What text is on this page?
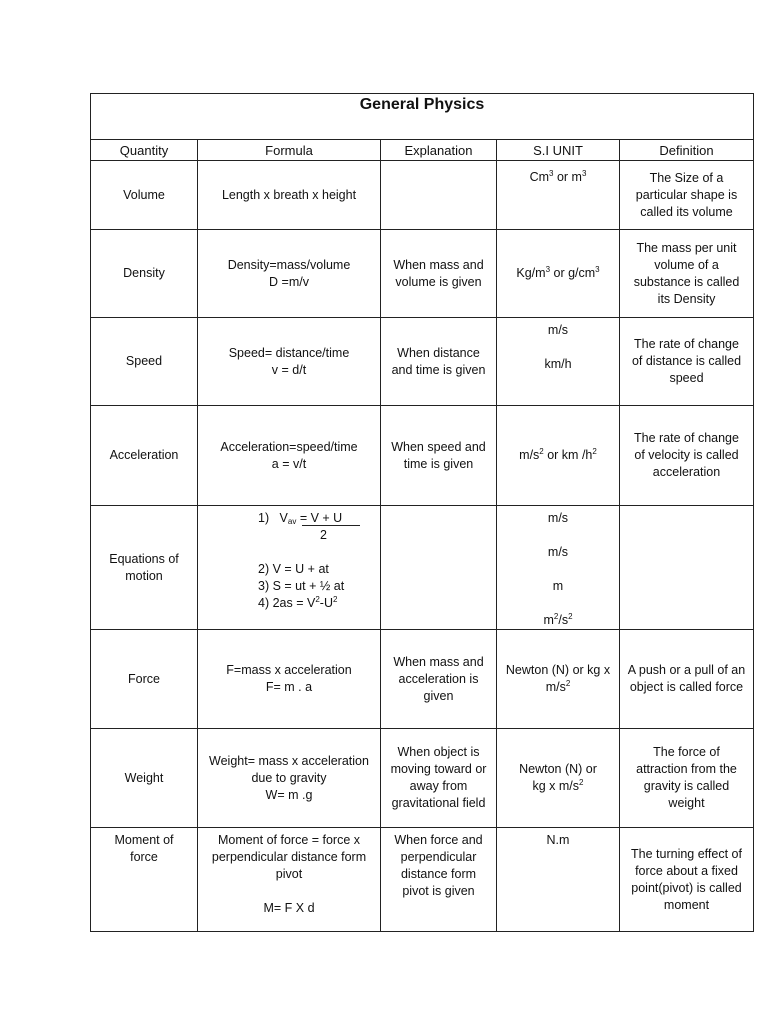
General Physics				
Quantity	Formula	Explanation	S.I UNIT	Definition
Volume	Length x breath x height		Cm$^3$ or $m^3$	The Size of a
particular shape is
called its volume

Density	Density=mass/volume
D =m/v	When mass and
volume is given	$Kg/m^3$ or $g/cm^3$	The mass per unit
volume of a
substance is called
its Density

Speed	Speed= distance/time
v = d/t	When distance
and time is given	m/s
km/h	The rate of change
of distance is called
speed

Acceleration	Acceleration=speed/time
a = v/t	When speed and
time is given	$m/s^2$ or km $/h^2$	The rate of change
of velocity is called
acceleration

Equations of
motion	1) $V_{av} = V + U$
2
2) V = U + at
3) S = ut + ½ at
4) $2as = V^2-U^2$		m/s
m/s
m
$m^2/s^2$

Force	F=mass x acceleration
F= m . a	When mass and
acceleration is
given	Newton (N) or kg x
$m/s^2$	A push or a pull of an
object is called force

Weight	Weight= mass x acceleration
due to gravity
W= m .g	When object is
moving toward or
away from
gravitational field	Newton (N) or
kg x $m/s^2$	The force of
attraction from the
gravity is called
weight

Moment of
force	Moment of force = force x
perpendicular distance form
pivot
M= F X d	When force and
perpendicular
distance form
pivot is given	N.m	The turning effect of
force about a fixed
point(pivot) is called
moment
